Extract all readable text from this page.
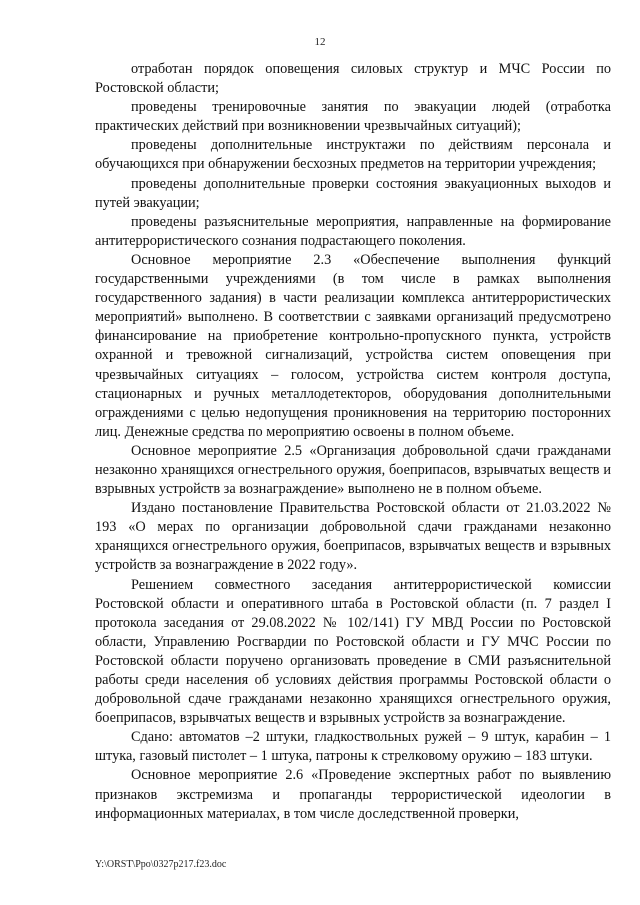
12

отработан порядок оповещения силовых структур и МЧС России по Ростовской области;

проведены тренировочные занятия по эвакуации людей (отработка практических действий при возникновении чрезвычайных ситуаций);

проведены дополнительные инструктажи по действиям персонала и обучающихся при обнаружении бесхозных предметов на территории учреждения;

проведены дополнительные проверки состояния эвакуационных выходов и путей эвакуации;

проведены разъяснительные мероприятия, направленные на формирование антитеррористического сознания подрастающего поколения.

Основное мероприятие 2.3 «Обеспечение выполнения функций государственными учреждениями (в том числе в рамках выполнения государственного задания) в части реализации комплекса антитеррористических мероприятий» выполнено. В соответствии с заявками организаций предусмотрено финансирование на приобретение контрольно-пропускного пункта, устройств охранной и тревожной сигнализаций, устройства систем оповещения при чрезвычайных ситуациях – голосом, устройства систем контроля доступа, стационарных и ручных металлодетекторов, оборудования дополнительными ограждениями с целью недопущения проникновения на территорию посторонних лиц. Денежные средства по мероприятию освоены в полном объеме.

Основное мероприятие 2.5 «Организация добровольной сдачи гражданами незаконно хранящихся огнестрельного оружия, боеприпасов, взрывчатых веществ и взрывных устройств за вознаграждение» выполнено не в полном объеме.

Издано постановление Правительства Ростовской области от 21.03.2022 № 193 «О мерах по организации добровольной сдачи гражданами незаконно хранящихся огнестрельного оружия, боеприпасов, взрывчатых веществ и взрывных устройств за вознаграждение в 2022 году».

Решением совместного заседания антитеррористической комиссии Ростовской области и оперативного штаба в Ростовской области (п. 7 раздел I протокола заседания от 29.08.2022 № 102/141) ГУ МВД России по Ростовской области, Управлению Росгвардии по Ростовской области и ГУ МЧС России по Ростовской области поручено организовать проведение в СМИ разъяснительной работы среди населения об условиях действия программы Ростовской области о добровольной сдаче гражданами незаконно хранящихся огнестрельного оружия, боеприпасов, взрывчатых веществ и взрывных устройств за вознаграждение.

Сдано: автоматов –2 штуки, гладкоствольных ружей – 9 штук, карабин – 1 штука, газовый пистолет – 1 штука, патроны к стрелковому оружию – 183 штуки.

Основное мероприятие 2.6 «Проведение экспертных работ по выявлению признаков экстремизма и пропаганды террористической идеологии в информационных материалах, в том числе доследственной проверки,

Y:\ORST\Ppo\0327p217.f23.doc
